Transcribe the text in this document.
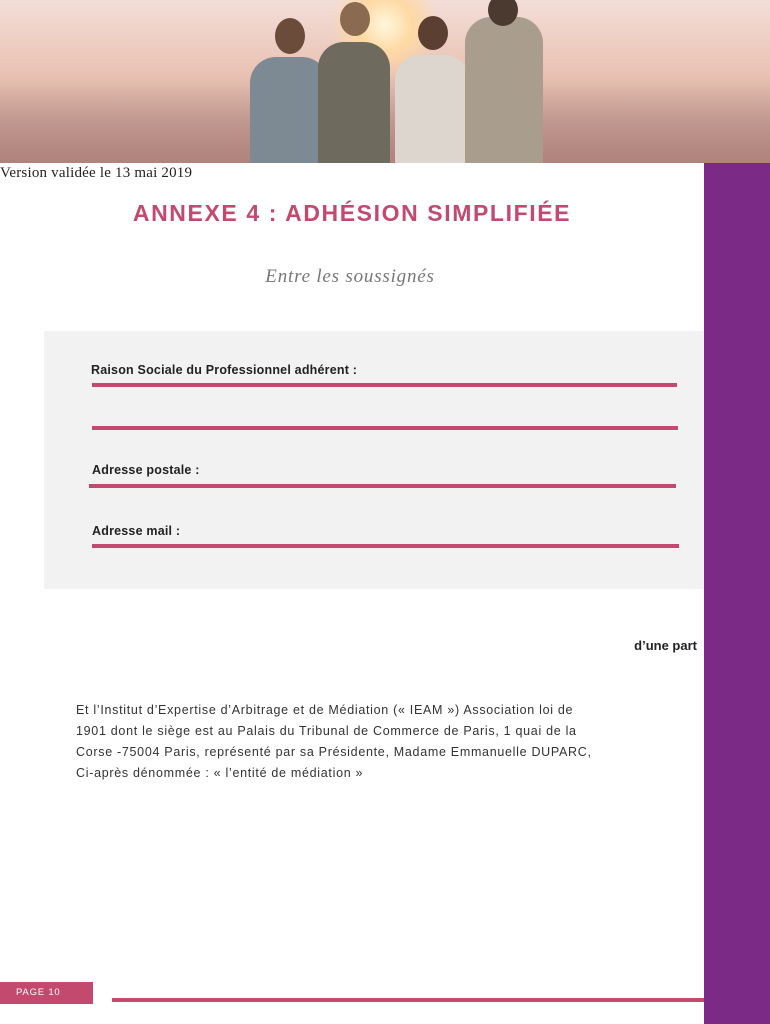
Version validée le 13 mai 2019
ANNEXE 4 : ADHÉSION SIMPLIFIÉE
Entre les soussignés
Raison Sociale du Professionnel adhérent :
Adresse postale :
Adresse mail :
d’une part
Et l’Institut d’Expertise d’Arbitrage et de Médiation (« IEAM ») Association loi de
1901 dont le siège est au Palais du Tribunal de Commerce de Paris, 1 quai de la
Corse -75004 Paris, représenté par sa Présidente, Madame Emmanuelle DUPARC,
Ci-après dénommée : « l’entité de médiation »
PAGE 10
